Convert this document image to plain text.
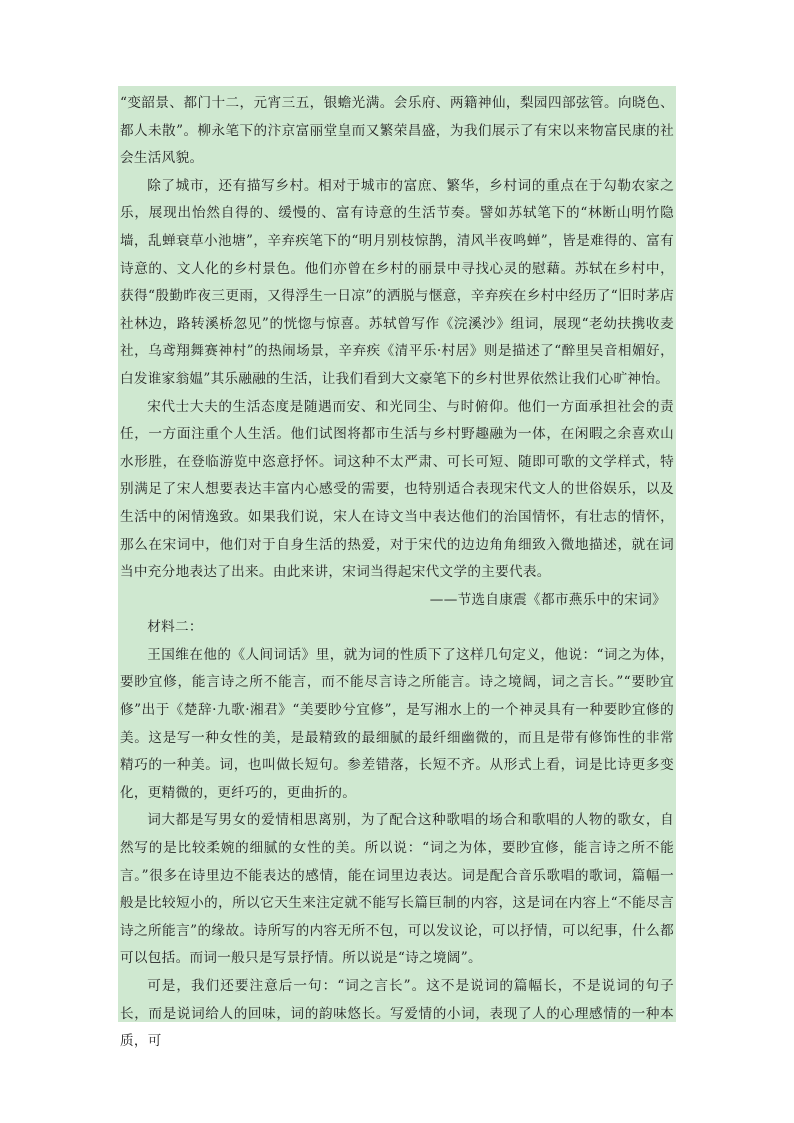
“变韶景、都门十二，元宵三五，银蟾光满。会乐府、两籍神仙，梨园四部弦管。向晓色、都人未散”。柳永笔下的汴京富丽堂皇而又繁荣昌盛，为我们展示了有宋以来物富民康的社会生活风貌。

除了城市，还有描写乡村。相对于城市的富庶、繁华，乡村词的重点在于勾勒农家之乐，展现出怡然自得的、缓慢的、富有诗意的生活节奏。譬如苏轼笔下的“林断山明竹隐墙，乱蝉衰草小池塘”，辛弃疾笔下的“明月别枝惊鹊，清风半夜鸣蝉”，皆是难得的、富有诗意的、文人化的乡村景色。他们亦曾在乡村的丽景中寻找心灵的慰藉。苏轼在乡村中，获得“殷勤昨夜三更雨，又得浮生一日凉”的洒脱与惬意，辛弃疾在乡村中经历了“旧时茅店社林边，路转溪桥忽见”的恍惚与惊喜。苏轼曾写作《浣溪沙》组词，展现“老幼扶携收麦社，乌鸢翔舞赛神村”的热闹场景，辛弃疾《清平乐·村居》则是描述了“醉里吴音相媚好，白发谁家翁媪”其乐融融的生活，让我们看到大文豪笔下的乡村世界依然让我们心旷神怡。

宋代士大夫的生活态度是随遇而安、和光同尘、与时俯仰。他们一方面承担社会的责任，一方面注重个人生活。他们试图将都市生活与乡村野趣融为一体，在闲暇之余喜欢山水形胜，在登临游览中恣意抒怀。词这种不太严肃、可长可短、随即可歌的文学样式，特别满足了宋人想要表达丰富内心感受的需要，也特别适合表现宋代文人的世俗娱乐，以及生活中的闲情逸致。如果我们说，宋人在诗文当中表达他们的治国情怀，有壮志的情怀，那么在宋词中，他们对于自身生活的热爱，对于宋代的边边角角细致入微地描述，就在词当中充分地表达了出来。由此来讲，宋词当得起宋代文学的主要代表。

——节选自康震《都市燕乐中的宋词》

材料二：

王国维在他的《人间词话》里，就为词的性质下了这样几句定义，他说：“词之为体，要眇宜修，能言诗之所不能言，而不能尽言诗之所能言。诗之境阔，词之言长。”“要眇宜修”出于《楚辞·九歌·湘君》“美要眇兮宜修”，是写湘水上的一个神灵具有一种要眇宜修的美。这是写一种女性的美，是最精致的最细腻的最纤细幽微的，而且是带有修饰性的非常精巧的一种美。词，也叫做长短句。参差错落，长短不齐。从形式上看，词是比诗更多变化，更精微的，更纤巧的，更曲折的。

词大都是写男女的爱情相思离别，为了配合这种歌唱的场合和歌唱的人物的歌女，自然写的是比较柔婉的细腻的女性的美。所以说：“词之为体，要眇宜修，能言诗之所不能言。”很多在诗里边不能表达的感情，能在词里边表达。词是配合音乐歌唱的歌词，篇幅一般是比较短小的，所以它天生来注定就不能写长篇巨制的内容，这是词在内容上“不能尽言诗之所能言”的缘故。诗所写的内容无所不包，可以发议论，可以抒情，可以纪事，什么都可以包括。而词一般只是写景抒情。所以说是“诗之境阔”。

可是，我们还要注意后一句：“词之言长”。这不是说词的篇幅长，不是说词的句子长，而是说词给人的回味，词的韵味悠长。写爱情的小词，表现了人的心理感情的一种本质，可
